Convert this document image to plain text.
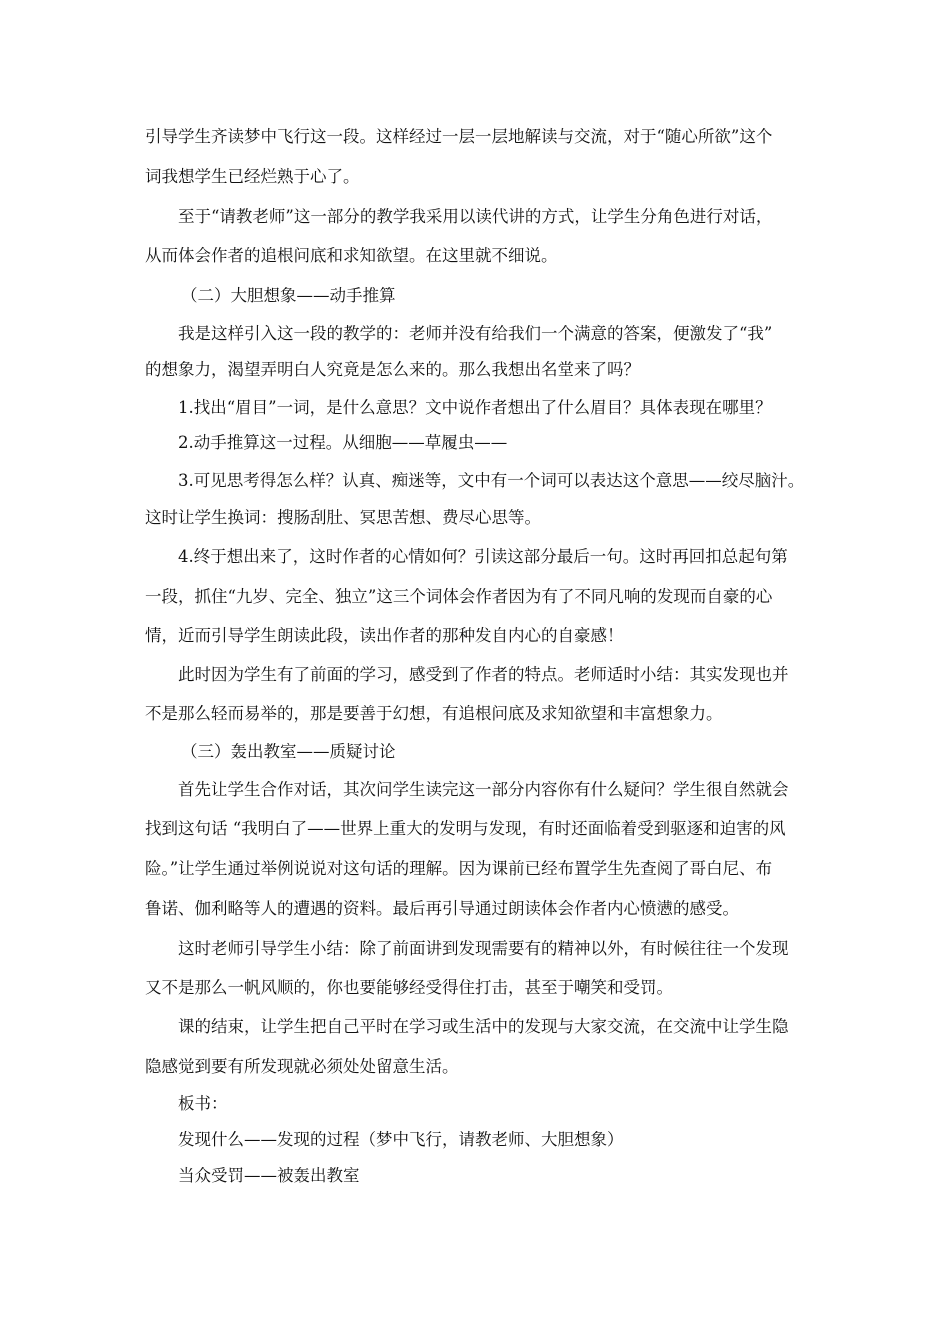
引导学生齐读梦中飞行这一段。这样经过一层一层地解读与交流，对于“随心所欲”这个
词我想学生已经烂熟于心了。
至于“请教老师”这一部分的教学我采用以读代讲的方式，让学生分角色进行对话，
从而体会作者的追根问底和求知欲望。在这里就不细说。
（二）大胆想象——动手推算
我是这样引入这一段的教学的：老师并没有给我们一个满意的答案，便激发了“我”
的想象力，渴望弄明白人究竟是怎么来的。那么我想出名堂来了吗？
1.找出“眉目”一词，是什么意思？文中说作者想出了什么眉目？具体表现在哪里？
2.动手推算这一过程。从细胞——草履虫——
3.可见思考得怎么样？认真、痴迷等，文中有一个词可以表达这个意思——绞尽脑汁。
这时让学生换词：搜肠刮肚、冥思苦想、费尽心思等。
4.终于想出来了，这时作者的心情如何？引读这部分最后一句。这时再回扣总起句第
一段，抓住“九岁、完全、独立”这三个词体会作者因为有了不同凡响的发现而自豪的心
情，近而引导学生朗读此段，读出作者的那种发自内心的自豪感！
此时因为学生有了前面的学习，感受到了作者的特点。老师适时小结：其实发现也并
不是那么轻而易举的，那是要善于幻想，有追根问底及求知欲望和丰富想象力。
（三）轰出教室——质疑讨论
首先让学生合作对话，其次问学生读完这一部分内容你有什么疑问？学生很自然就会
找到这句话 “我明白了——世界上重大的发明与发现，有时还面临着受到驱逐和迫害的风
险。”让学生通过举例说说对这句话的理解。因为课前已经布置学生先查阅了哥白尼、布
鲁诺、伽利略等人的遭遇的资料。最后再引导通过朗读体会作者内心愤懑的感受。
这时老师引导学生小结：除了前面讲到发现需要有的精神以外，有时候往往一个发现
又不是那么一帆风顺的，你也要能够经受得住打击，甚至于嘲笑和受罚。
课的结束，让学生把自己平时在学习或生活中的发现与大家交流，在交流中让学生隐
隐感觉到要有所发现就必须处处留意生活。
板书：
发现什么——发现的过程（梦中飞行，请教老师、大胆想象）
当众受罚——被轰出教室
